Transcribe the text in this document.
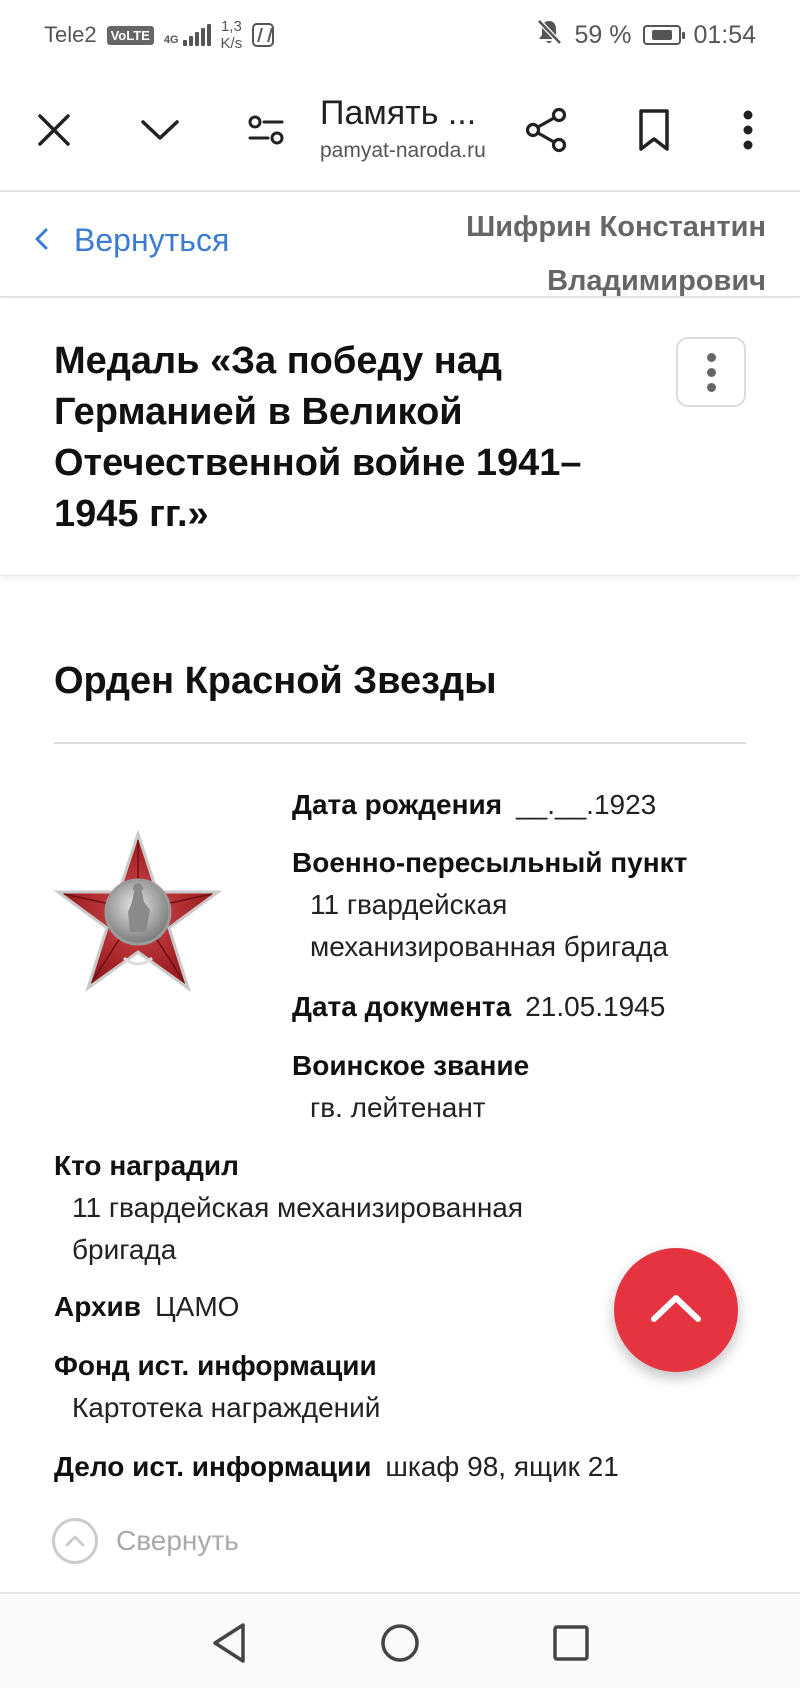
Tele2	VoLTE	4G
1,3
K/s	59 % 01:54
Память ...
pamyat-naroda.ru
Вернуться	Шифрин Константин Владимирович
Медаль «За победу над Германией в Великой Отечественной войне 1941–1945 гг.»
Орден Красной Звезды
Дата рождения __.__.1923
Военно-пересыльный пункт
11 гвардейская механизированная бригада
Дата документа 21.05.1945
Воинское звание
гв. лейтенант
Кто наградил
11 гвардейская механизированная бригада
Архив ЦАМО
Фонд ист. информации
Картотека награждений
Дело ист. информации шкаф 98, ящик 21
Свернуть
